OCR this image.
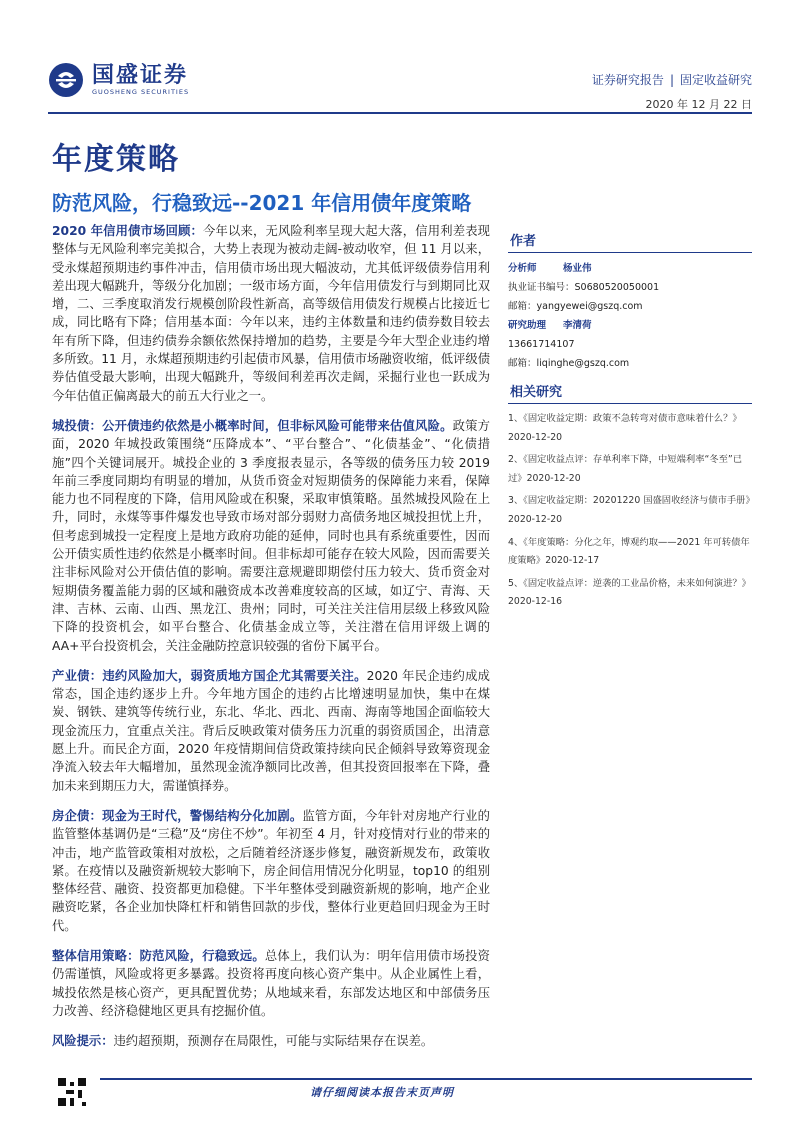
国盛证券
GUOSHENG SECURITIES
证券研究报告 | 固定收益研究
2020 年 12 月 22 日
年度策略
防范风险，行稳致远--2021 年信用债年度策略

2020 年信用债市场回顾：今年以来，无风险利率呈现大起大落，信用利差表现整体与无风险利率完美拟合，大势上表现为被动走阔-被动收窄，但 11 月以来，受永煤超预期违约事件冲击，信用债市场出现大幅波动，尤其低评级债券信用利差出现大幅跳升，等级分化加剧；一级市场方面，今年信用债发行与到期同比双增，二、三季度取消发行规模创阶段性新高，高等级信用债发行规模占比接近七成，同比略有下降；信用基本面：今年以来，违约主体数量和违约债券数目较去年有所下降，但违约债券余额依然保持增加的趋势，主要是今年大型企业违约增多所致。11 月，永煤超预期违约引起债市风暴，信用债市场融资收缩，低评级债券估值受最大影响，出现大幅跳升，等级间利差再次走阔，采掘行业也一跃成为今年估值正偏离最大的前五大行业之一。

城投债：公开债违约依然是小概率时间，但非标风险可能带来估值风险。政策方面，2020 年城投政策围绕“压降成本”、“平台整合”、“化债基金”、“化债措施”四个关键词展开。城投企业的 3 季度报表显示，各等级的债务压力较 2019 年前三季度同期均有明显的增加，从货币资金对短期债务的保障能力来看，保障能力也不同程度的下降，信用风险或在积聚，采取审慎策略。虽然城投风险在上升，同时，永煤等事件爆发也导致市场对部分弱财力高债务地区城投担忧上升，但考虑到城投一定程度上是地方政府功能的延伸，同时也具有系统重要性，因而公开债实质性违约依然是小概率时间。但非标却可能存在较大风险，因而需要关注非标风险对公开债估值的影响。需要注意规避即期偿付压力较大、货币资金对短期债务覆盖能力弱的区域和融资成本改善难度较高的区域，如辽宁、青海、天津、吉林、云南、山西、黑龙江、贵州；同时，可关注关注信用层级上移致风险下降的投资机会，如平台整合、化债基金成立等，关注潜在信用评级上调的 AA+平台投资机会，关注金融防控意识较强的省份下属平台。

产业债：违约风险加大，弱资质地方国企尤其需要关注。2020 年民企违约成成常态，国企违约逐步上升。今年地方国企的违约占比增速明显加快，集中在煤炭、钢铁、建筑等传统行业，东北、华北、西北、西南、海南等地国企面临较大现金流压力，宜重点关注。背后反映政策对债务压力沉重的弱资质国企，出清意愿上升。而民企方面，2020 年疫情期间信贷政策持续向民企倾斜导致筹资现金净流入较去年大幅增加，虽然现金流净额同比改善，但其投资回报率在下降，叠加未来到期压力大，需谨慎择券。

房企债：现金为王时代，警惕结构分化加剧。监管方面，今年针对房地产行业的监管整体基调仍是“三稳”及“房住不炒”。年初至 4 月，针对疫情对行业的带来的冲击，地产监管政策相对放松，之后随着经济逐步修复，融资新规发布，政策收紧。在疫情以及融资新规较大影响下，房企间信用情况分化明显，top10 的组别整体经营、融资、投资都更加稳健。下半年整体受到融资新规的影响，地产企业融资吃紧，各企业加快降杠杆和销售回款的步伐，整体行业更趋回归现金为王时代。

整体信用策略：防范风险，行稳致远。总体上，我们认为：明年信用债市场投资仍需谨慎，风险或将更多暴露。投资将再度向核心资产集中。从企业属性上看，城投依然是核心资产，更具配置优势；从地域来看，东部发达地区和中部债务压力改善、经济稳健地区更具有挖掘价值。

风险提示：违约超预期，预测存在局限性，可能与实际结果存在误差。

作者
分析师	杨业伟
执业证书编号：S0680520050001
邮箱：yangyewei@gszq.com
研究助理 李清荷
13661714107
邮箱：liqinghe@gszq.com
相关研究
1、《固定收益定期：政策不急转弯对债市意味着什么？》2020-12-20
2、《固定收益点评：存单利率下降，中短端利率“冬至”已过》2020-12-20
3、《固定收益定期：20201220 国盛固收经济与债市手册》2020-12-20
4、《年度策略：分化之年，博观约取——2021 年可转债年度策略》2020-12-17
5、《固定收益点评：逆袭的工业品价格，未来如何演进？》2020-12-16
请仔细阅读本报告末页声明
